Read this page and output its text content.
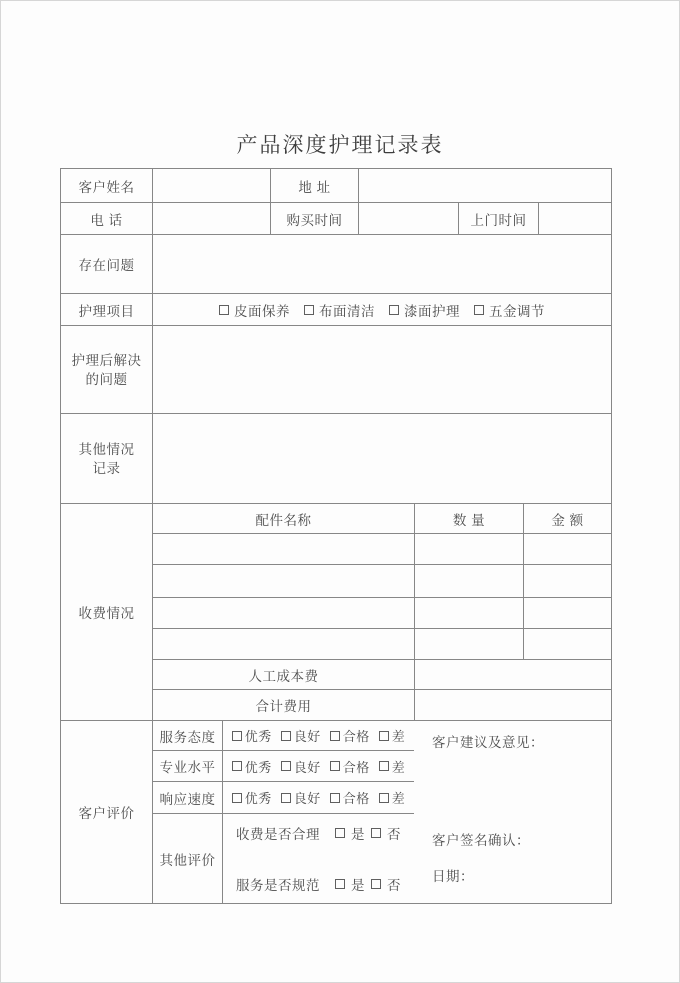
产品深度护理记录表
客户姓名	地 址
电 话	购买时间	上门时间
存在问题
护理项目	皮面保养 布面清洁 漆面护理 五金调节
护理后解决
的问题
其他情况
记录
收费情况
配件名称	数 量	金 额
人工成本费
合计费用
客户评价
服务态度	优秀 良好 合格 差
专业水平	优秀 良好 合格 差
响应速度	优秀 良好 合格 差
其他评价
收费是否合理 是 否
服务是否规范 是 否
客户建议及意见：
客户签名确认：
日期：
